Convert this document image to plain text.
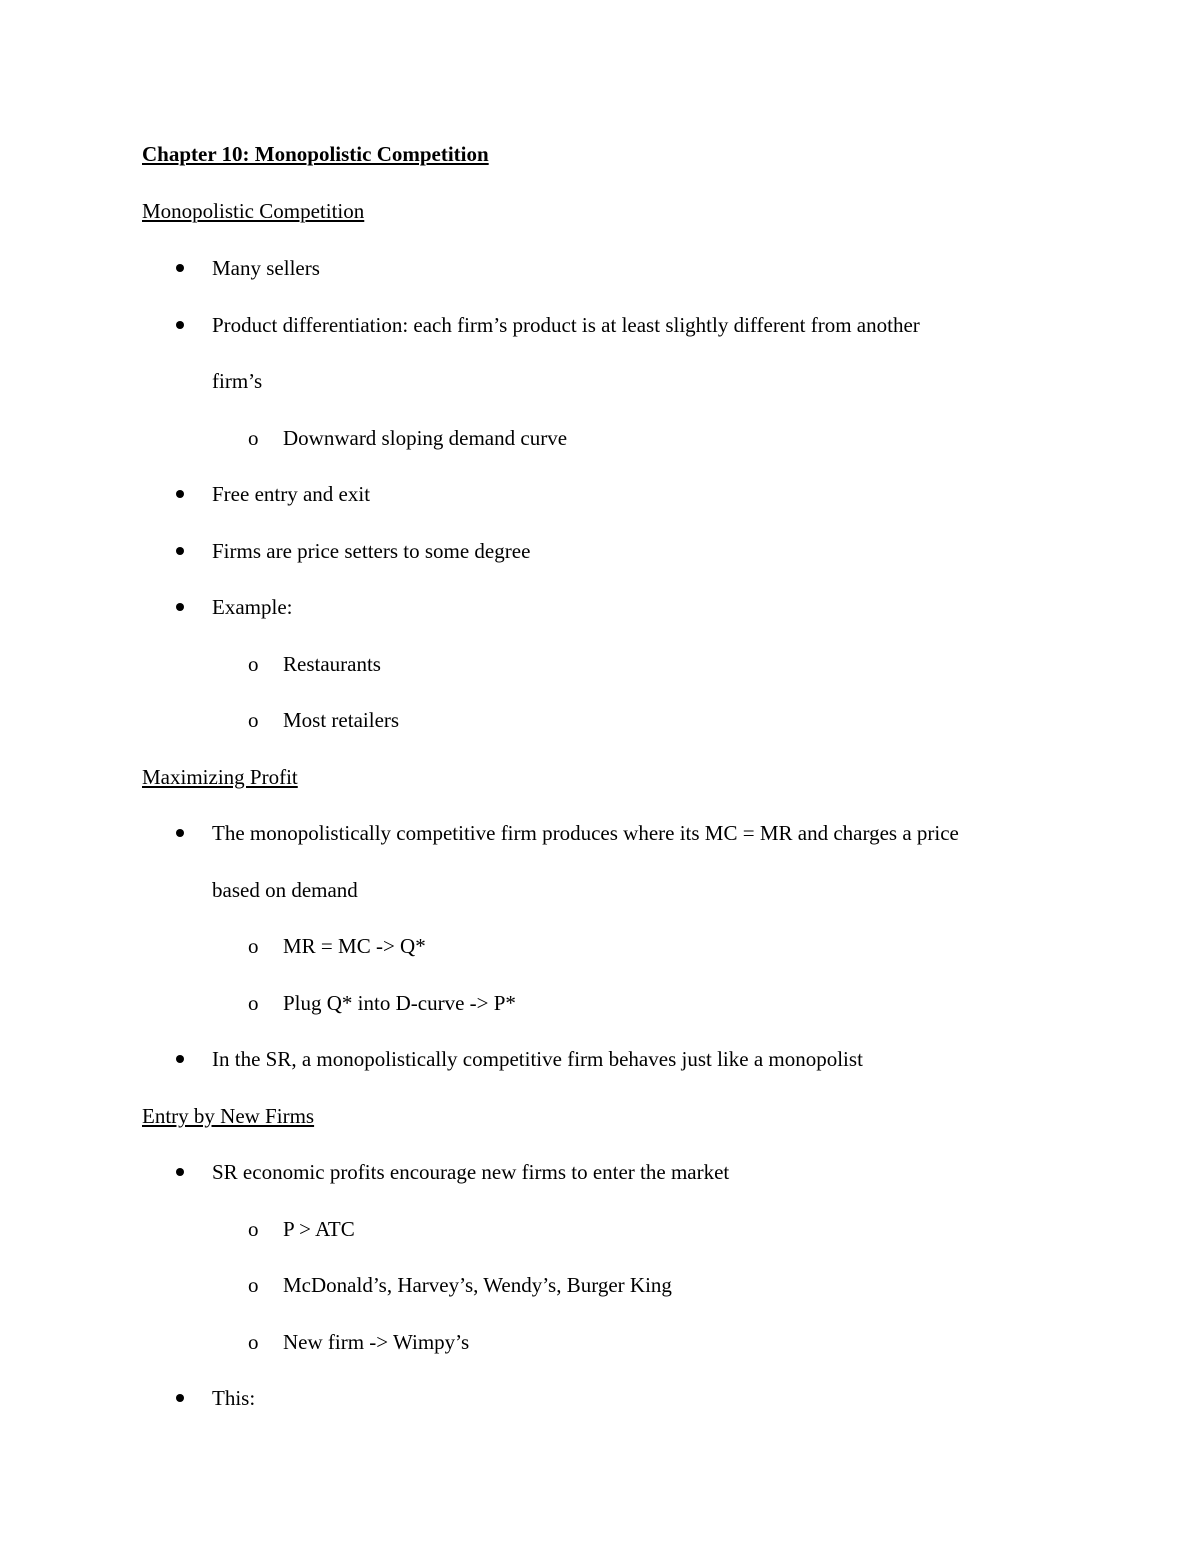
Chapter 10: Monopolistic Competition
Monopolistic Competition
Many sellers
Product differentiation: each firm’s product is at least slightly different from another
firm’s
o Downward sloping demand curve
Free entry and exit
Firms are price setters to some degree
Example:
o Restaurants
o Most retailers
Maximizing Profit
The monopolistically competitive firm produces where its MC = MR and charges a price
based on demand
o MR = MC -> Q*
o Plug Q* into D-curve -> P*
In the SR, a monopolistically competitive firm behaves just like a monopolist
Entry by New Firms
SR economic profits encourage new firms to enter the market
o P > ATC
o McDonald’s, Harvey’s, Wendy’s, Burger King
o New firm -> Wimpy’s
This:
